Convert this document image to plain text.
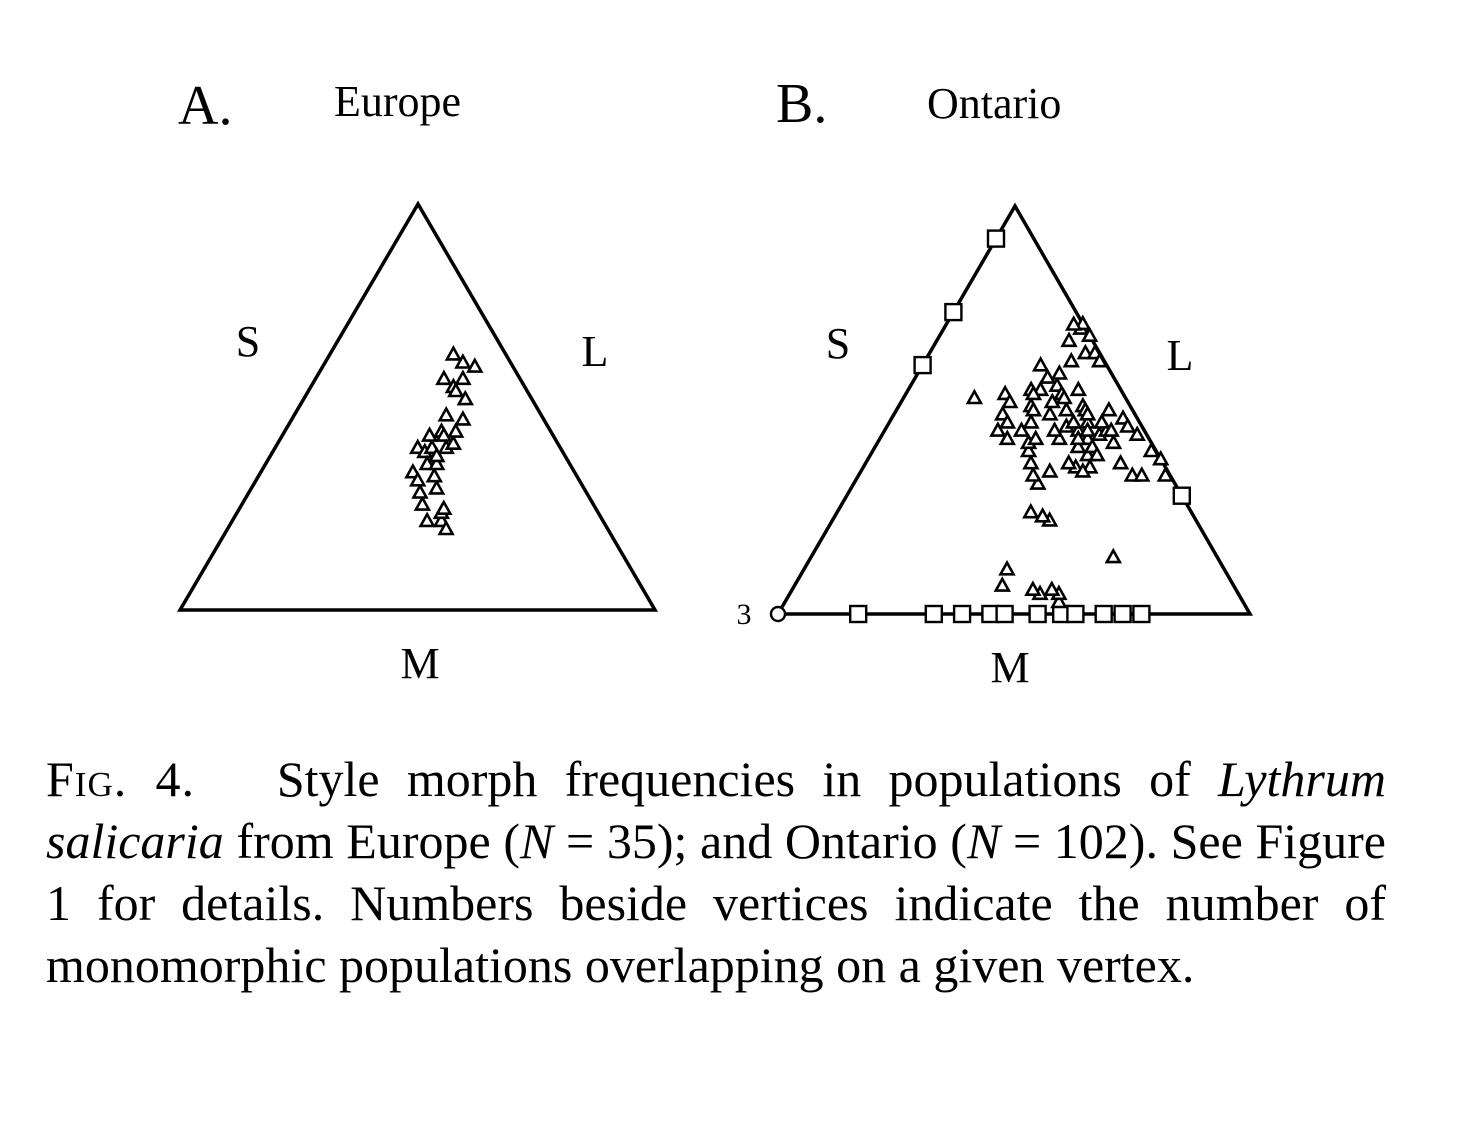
A. Europe
S	L
M
B. Ontario
S	L
M
3

Fig. 4. Style morph frequencies in populations of Lythrum salicaria from Europe (N = 35); and Ontario (N = 102). See Figure 1 for details. Numbers beside vertices indicate the number of monomorphic populations overlapping on a given vertex.
